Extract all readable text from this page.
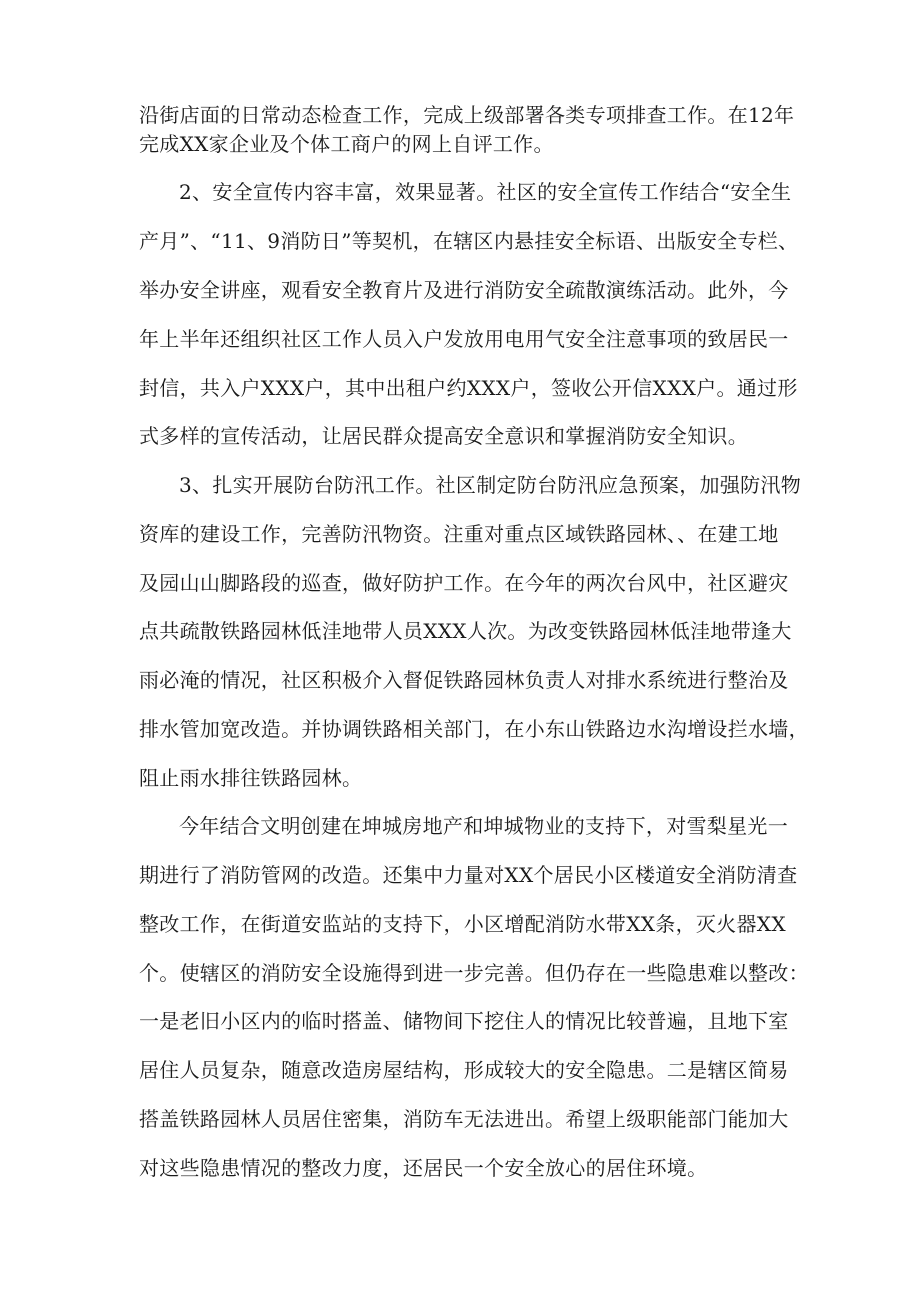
沿街店面的日常动态检查工作，完成上级部署各类专项排查工作。在12年
完成XX家企业及个体工商户的网上自评工作。
2、安全宣传内容丰富，效果显著。社区的安全宣传工作结合“安全生
产月”、“11、9消防日”等契机，在辖区内悬挂安全标语、出版安全专栏、
举办安全讲座，观看安全教育片及进行消防安全疏散演练活动。此外，今
年上半年还组织社区工作人员入户发放用电用气安全注意事项的致居民一
封信，共入户XXX户，其中出租户约XXX户，签收公开信XXX户。通过形
式多样的宣传活动，让居民群众提高安全意识和掌握消防安全知识。
3、扎实开展防台防汛工作。社区制定防台防汛应急预案，加强防汛物
资库的建设工作，完善防汛物资。注重对重点区域铁路园林、、在建工地
及园山山脚路段的巡查，做好防护工作。在今年的两次台风中，社区避灾
点共疏散铁路园林低洼地带人员XXX人次。为改变铁路园林低洼地带逢大
雨必淹的情况，社区积极介入督促铁路园林负责人对排水系统进行整治及
排水管加宽改造。并协调铁路相关部门，在小东山铁路边水沟增设拦水墙，
阻止雨水排往铁路园林。
今年结合文明创建在坤城房地产和坤城物业的支持下，对雪梨星光一
期进行了消防管网的改造。还集中力量对XX个居民小区楼道安全消防清查
整改工作，在街道安监站的支持下，小区增配消防水带XX条，灭火器XX
个。使辖区的消防安全设施得到进一步完善。但仍存在一些隐患难以整改：
一是老旧小区内的临时搭盖、储物间下挖住人的情况比较普遍，且地下室
居住人员复杂，随意改造房屋结构，形成较大的安全隐患。二是辖区简易
搭盖铁路园林人员居住密集，消防车无法进出。希望上级职能部门能加大
对这些隐患情况的整改力度，还居民一个安全放心的居住环境。
